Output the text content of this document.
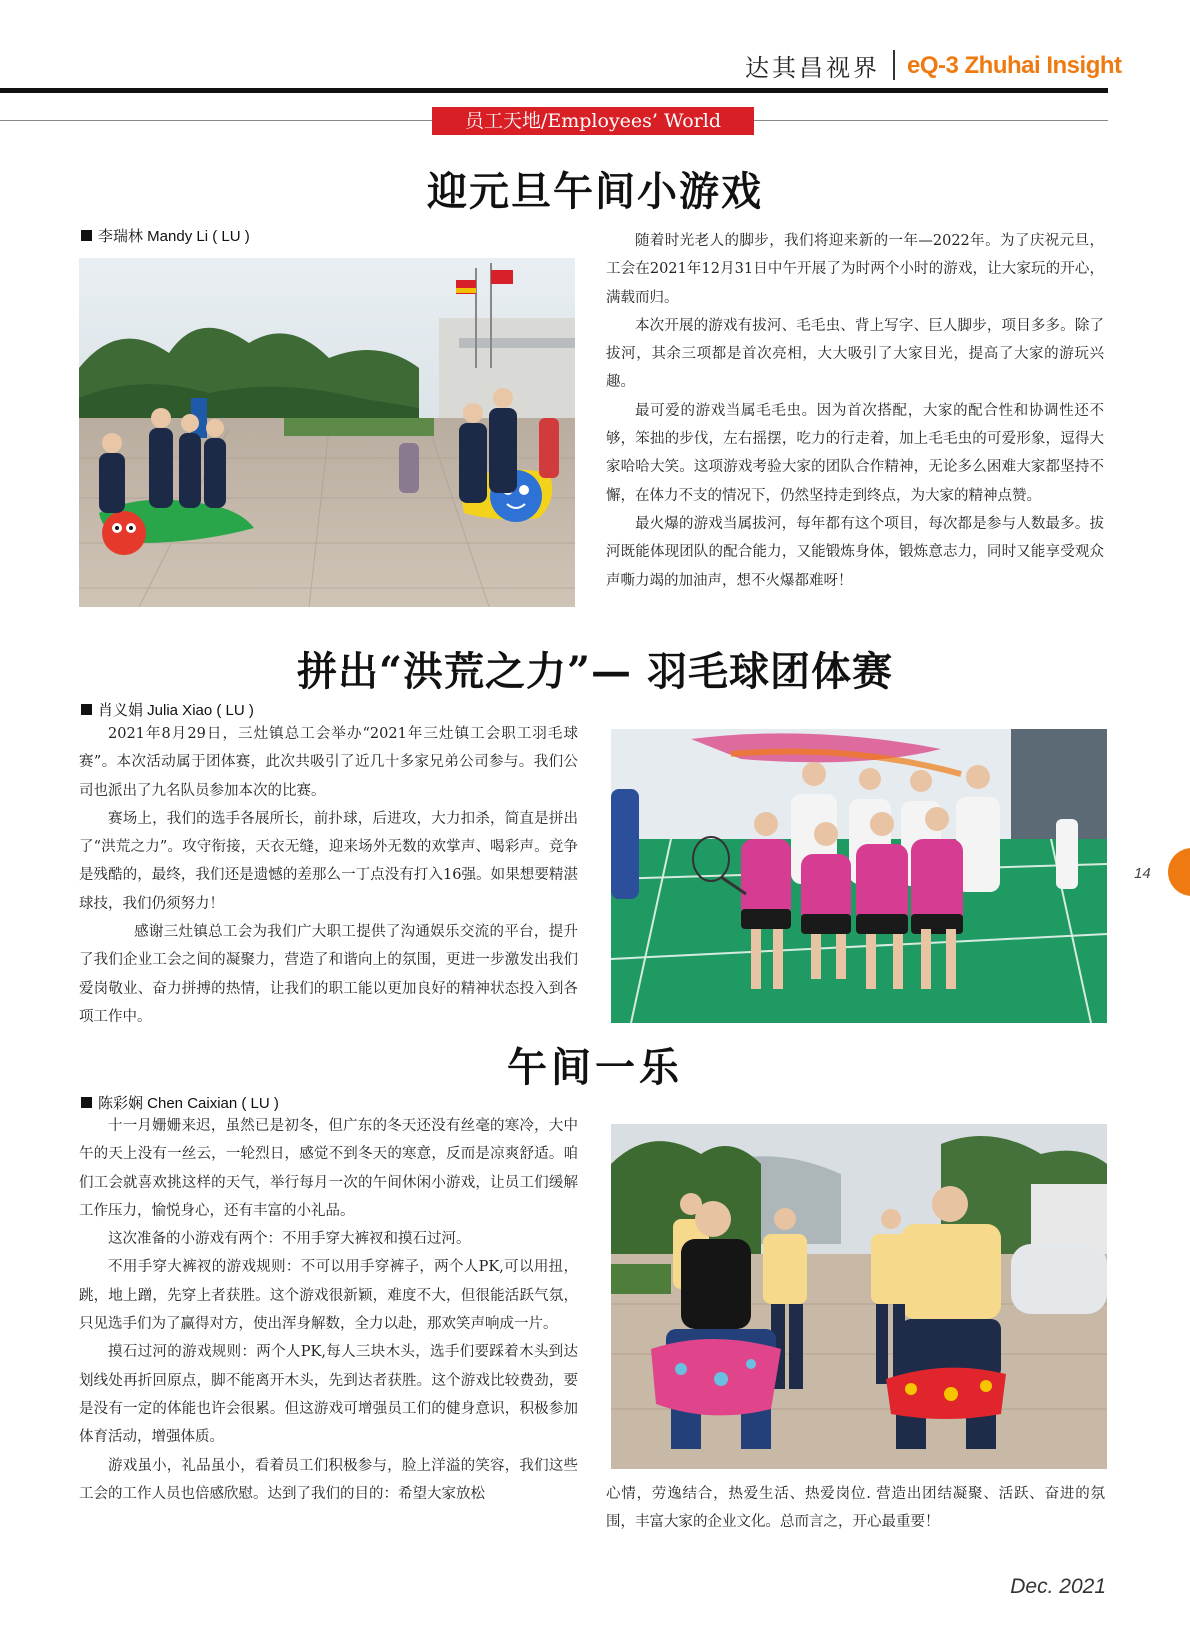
达其昌视界 eQ-3 Zhuhai Insight
员工天地/Employees’ World
迎元旦午间小游戏
李瑞林 Mandy Li ( LU )	随着时光老人的脚步，我们将迎来新的一年—2022年。为了庆祝元旦，工会在2021年12月31日中午开展了为时两个小时的游戏，让大家玩的开心，满载而归。

本次开展的游戏有拔河、毛毛虫、背上写字、巨人脚步，项目多多。除了拔河，其余三项都是首次亮相，大大吸引了大家目光，提高了大家的游玩兴趣。

最可爱的游戏当属毛毛虫。因为首次搭配，大家的配合性和协调性还不够，笨拙的步伐，左右摇摆，吃力的行走着，加上毛毛虫的可爱形象，逗得大家哈哈大笑。这项游戏考验大家的团队合作精神，无论多么困难大家都坚持不懈，在体力不支的情况下，仍然坚持走到终点，为大家的精神点赞。

最火爆的游戏当属拔河，每年都有这个项目，每次都是参与人数最多。拔河既能体现团队的配合能力，又能锻炼身体，锻炼意志力，同时又能享受观众声嘶力竭的加油声，想不火爆都难呀！

拼出“洪荒之力”— 羽毛球团体赛
肖义娟 Julia Xiao ( LU )

2021年8月29日，三灶镇总工会举办“2021年三灶镇工会职工羽毛球赛”。本次活动属于团体赛，此次共吸引了近几十多家兄弟公司参与。我们公司也派出了九名队员参加本次的比赛。

赛场上，我们的选手各展所长，前扑球，后进攻，大力扣杀，简直是拼出了“洪荒之力”。攻守衔接，天衣无缝，迎来场外无数的欢掌声、喝彩声。竞争是残酷的，最终，我们还是遗憾的差那么一丁点没有打入16强。如果想要精湛球技，我们仍须努力！

感谢三灶镇总工会为我们广大职工提供了沟通娱乐交流的平台，提升了我们企业工会之间的凝聚力，营造了和谐向上的氛围，更进一步激发出我们爱岗敬业、奋力拼搏的热情，让我们的职工能以更加良好的精神状态投入到各项工作中。

午间一乐
陈彩娴 Chen Caixian ( LU )

十一月姗姗来迟，虽然已是初冬，但广东的冬天还没有丝毫的寒冷，大中午的天上没有一丝云，一轮烈日，感觉不到冬天的寒意，反而是凉爽舒适。咱们工会就喜欢挑这样的天气，举行每月一次的午间休闲小游戏，让员工们缓解工作压力，愉悦身心，还有丰富的小礼品。

这次准备的小游戏有两个：不用手穿大裤衩和摸石过河。

不用手穿大裤衩的游戏规则：不可以用手穿裤子，两个人PK,可以用扭，跳，地上蹭，先穿上者获胜。这个游戏很新颖，难度不大，但很能活跃气氛，只见选手们为了赢得对方，使出浑身解数，全力以赴，那欢笑声响成一片。

摸石过河的游戏规则：两个人PK,每人三块木头，选手们要踩着木头到达划线处再折回原点，脚不能离开木头，先到达者获胜。这个游戏比较费劲，要是没有一定的体能也许会很累。但这游戏可增强员工们的健身意识，积极参加体育活动，增强体质。

游戏虽小，礼品虽小，看着员工们积极参与，脸上洋溢的笑容，我们这些工会的工作人员也倍感欣慰。达到了我们的目的：希望大家放松	心情，劳逸结合，热爱生活、热爱岗位. 营造出团结凝聚、活跃、奋进的氛围，丰富大家的企业文化。总而言之，开心最重要！

14
Dec. 2021
